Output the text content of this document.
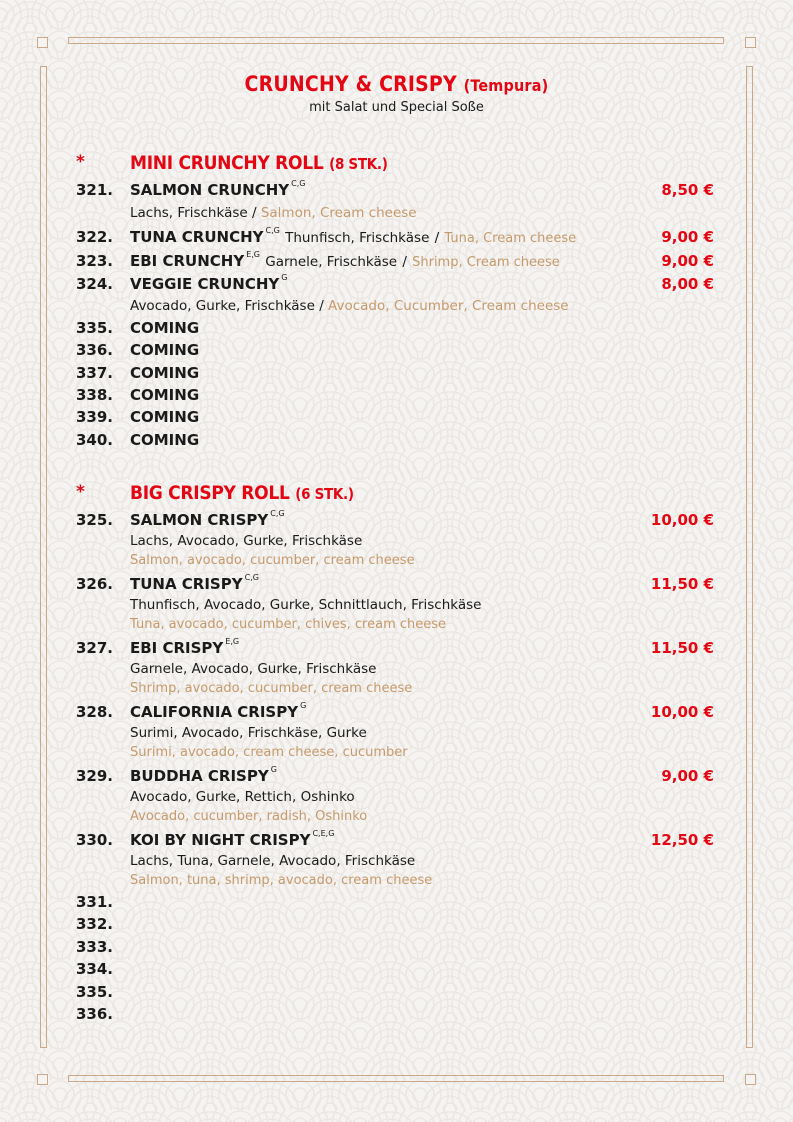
CRUNCHY & CRISPY (Tempura)
mit Salat und Special Soße
* MINI CRUNCHY ROLL (8 STK.)
321. SALMON CRUNCHY $^{C,G}$	8,50 €
Lachs, Frischkäse / Salmon, Cream cheese
322. TUNA CRUNCHY $^{C,G}$ Thunfisch, Frischkäse / Tuna, Cream cheese	9,00 €
323. EBI CRUNCHY $^{E,G}$ Garnele, Frischkäse / Shrimp, Cream cheese	9,00 €
324. VEGGIE CRUNCHY $^G$	8,00 €
Avocado, Gurke, Frischkäse / Avocado, Cucumber, Cream cheese
335. COMING
336. COMING
337. COMING
338. COMING
339. COMING
340. COMING
* BIG CRISPY ROLL (6 STK.)
325. SALMON CRISPY $^{C,G}$	10,00 €
Lachs, Avocado, Gurke, Frischkäse
Salmon, avocado, cucumber, cream cheese
326. TUNA CRISPY $^{C,G}$	11,50 €
Thunfisch, Avocado, Gurke, Schnittlauch, Frischkäse
Tuna, avocado, cucumber, chives, cream cheese
327. EBI CRISPY $^{E,G}$	11,50 €
Garnele, Avocado, Gurke, Frischkäse
Shrimp, avocado, cucumber, cream cheese
328. CALIFORNIA CRISPY $^G$	10,00 €
Surimi, Avocado, Frischkäse, Gurke
Surimi, avocado, cream cheese, cucumber
329. BUDDHA CRISPY $^G$	9,00 €
Avocado, Gurke, Rettich, Oshinko
Avocado, cucumber, radish, Oshinko
330. KOI BY NIGHT CRISPY $^{C,E,G}$	12,50 €
Lachs, Tuna, Garnele, Avocado, Frischkäse
Salmon, tuna, shrimp, avocado, cream cheese
331.
332.
333.
334.
335.
336.
